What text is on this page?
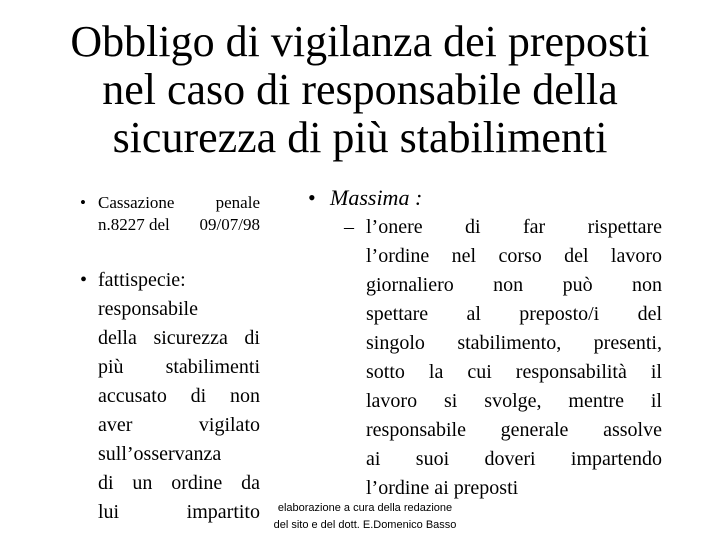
Obbligo di vigilanza dei preposti
nel caso di responsabile della
sicurezza di più stabilimenti
• Cassazione penale
n.8227 del 09/07/98
• fattispecie:
responsabile
della sicurezza di
più stabilimenti
accusato di non
aver	vigilato
sull’osservanza
di un ordine da
lui	impartito
• Massima :
– l’onere di far rispettare
l’ordine nel corso del lavoro
giornaliero non può non
spettare al preposto/i del
singolo stabilimento, presenti,
sotto la cui responsabilità il
lavoro si svolge, mentre il
responsabile generale assolve
ai suoi doveri impartendo
l’ordine ai preposti
elaborazione a cura della redazione
del sito e del dott. E.Domenico Basso
